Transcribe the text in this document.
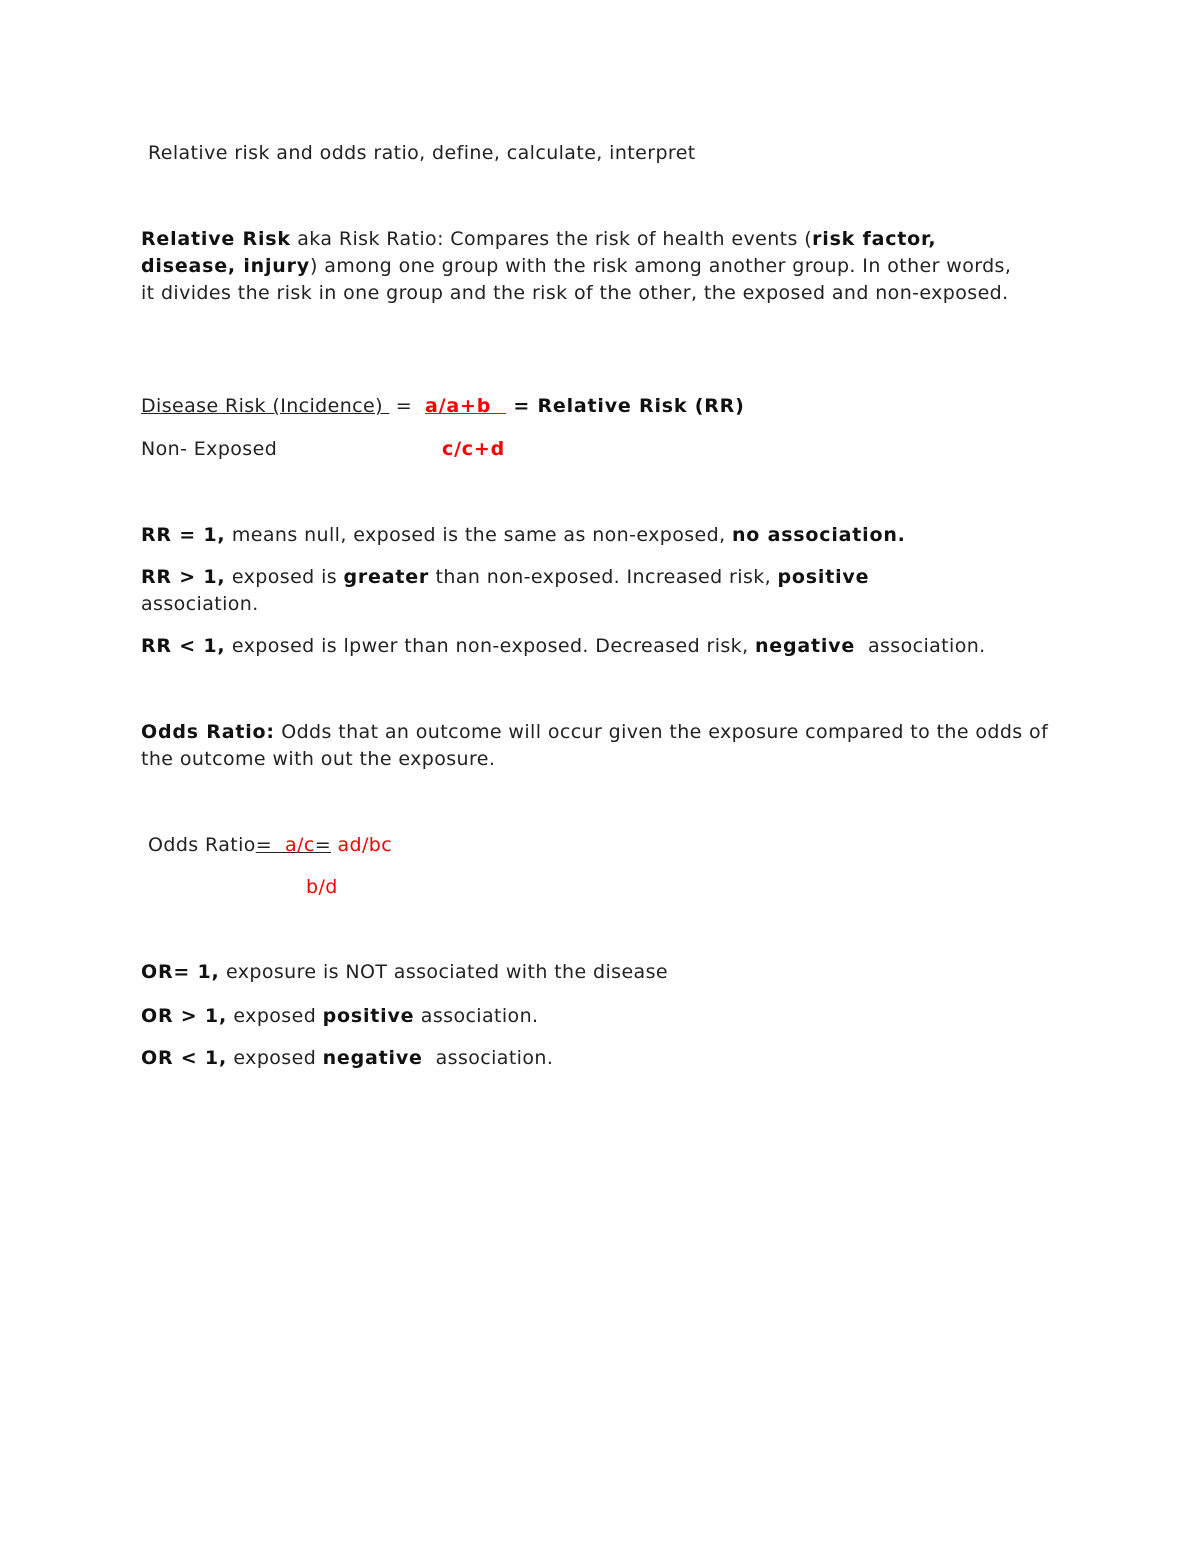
Relative risk and odds ratio, define, calculate, interpret
Relative Risk aka Risk Ratio: Compares the risk of health events (risk factor, disease, injury) among one group with the risk among another group. In other words, it divides the risk in one group and the risk of the other, the exposed and non-exposed.
Disease Risk (Incidence)  =  a/a+b   = Relative Risk (RR)
Non- Exposed	c/c+d
RR = 1, means null, exposed is the same as non-exposed, no association.
RR > 1, exposed is greater than non-exposed. Increased risk, positive association.
RR < 1, exposed is lpwer than non-exposed. Decreased risk, negative  association.
Odds Ratio: Odds that an outcome will occur given the exposure compared to the odds of the outcome with out the exposure.
Odds Ratio=  a/c= ad/bc
b/d
OR= 1, exposure is NOT associated with the disease
OR > 1, exposed positive association.
OR < 1, exposed negative  association.
